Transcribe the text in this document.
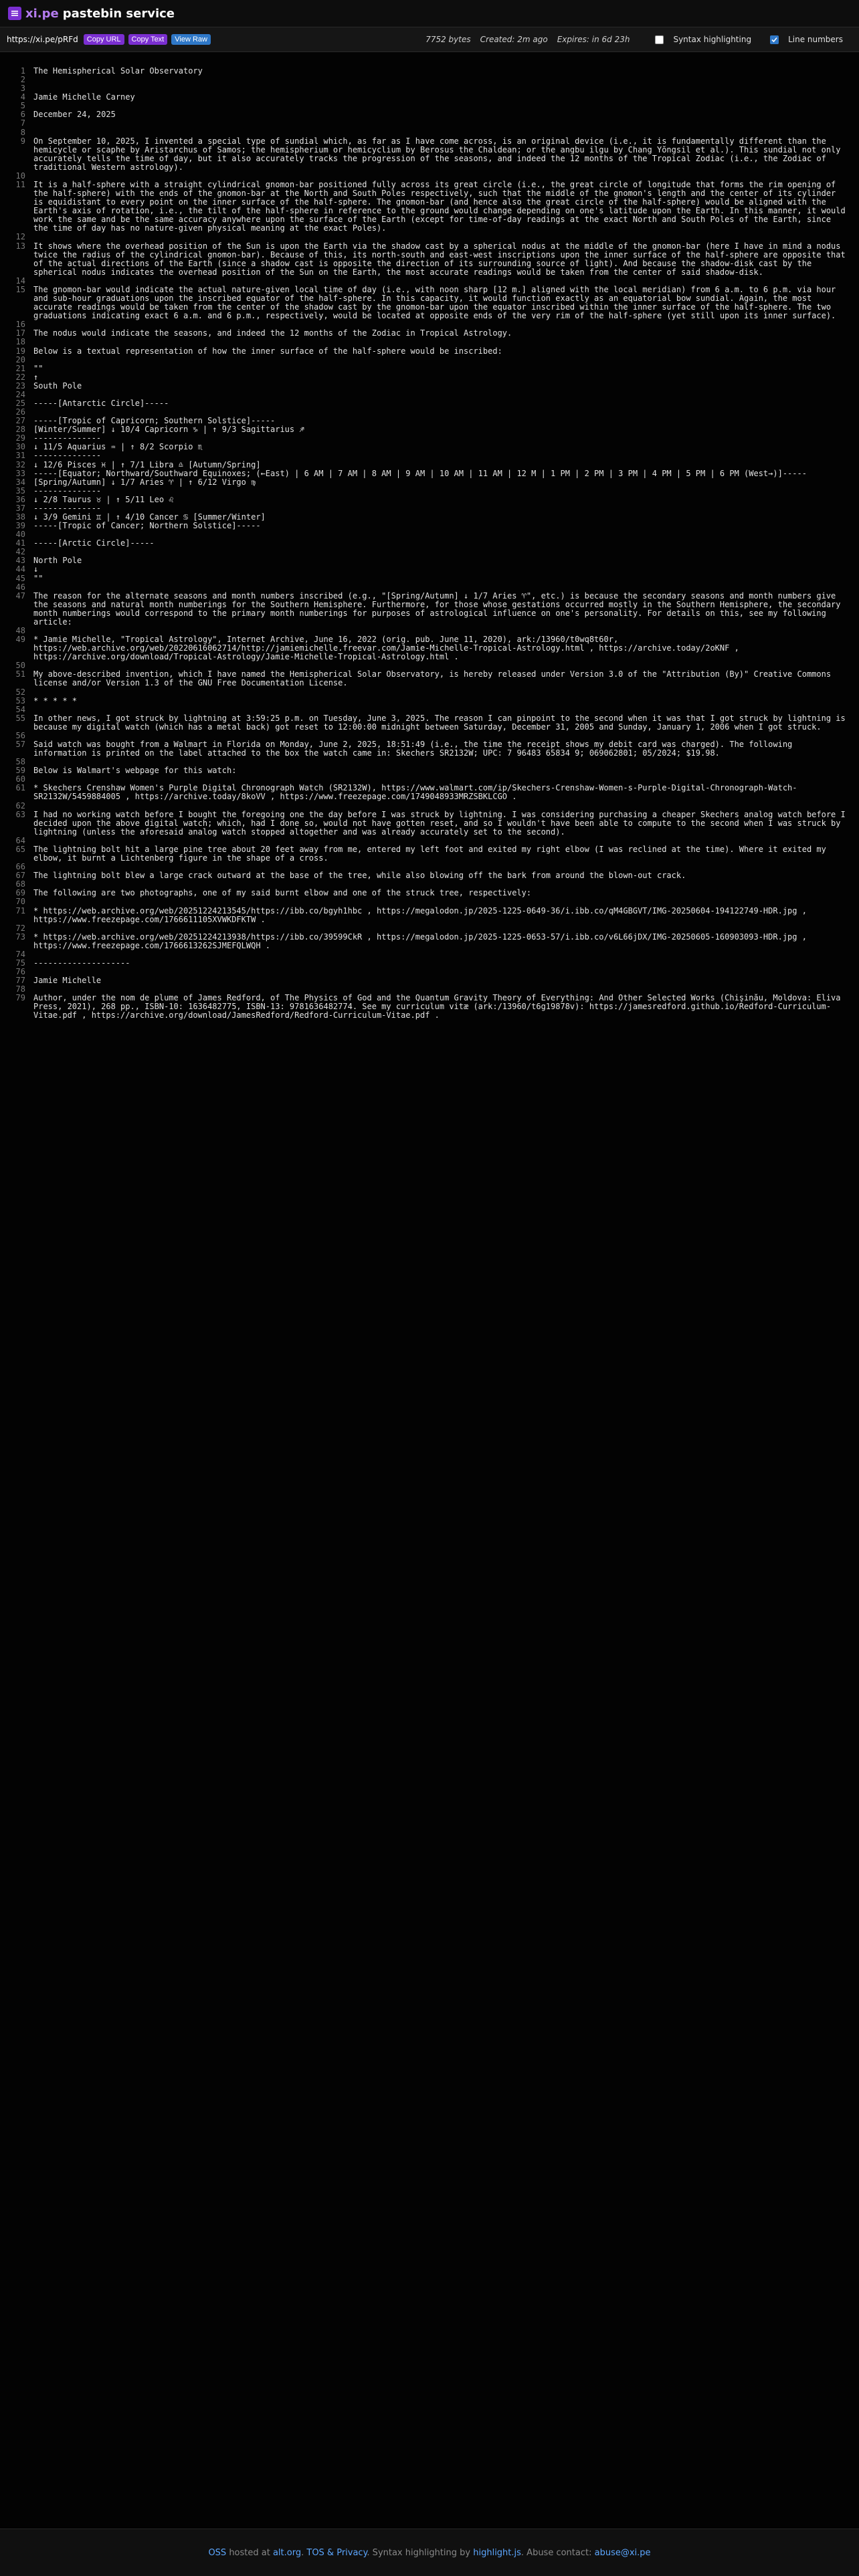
xi.pe pastebin service
https://xi.pe/pRFd	Copy URL	Copy Text	View Raw	7752 bytes Created: 2m ago Expires: in 6d 23h	Syntax highlighting	Line numbers
1	The Hemispherical Solar Observatory
2
3
4	Jamie Michelle Carney
5
6	December 24, 2025
7
8
9	On September 10, 2025, I invented a special type of sundial which, as far as I have come across, is an original device (i.e., it is fundamentally different than the hemicycle or scaphe by Aristarchus of Samos; the hemispherium or hemicyclium by Berosus the Chaldean; or the angbu ilgu by Chang Yŏngsil et al.). This sundial not only accurately tells the time of day, but it also accurately tracks the progression of the seasons, and indeed the 12 months of the Tropical Zodiac (i.e., the Zodiac of traditional Western astrology).
10
11	It is a half-sphere with a straight cylindrical gnomon-bar positioned fully across its great circle (i.e., the great circle of longitude that forms the rim opening of the half-sphere) with the ends of the gnomon-bar at the North and South Poles respectively, such that the middle of the gnomon's length and the center of its cylinder is equidistant to every point on the inner surface of the half-sphere. The gnomon-bar (and hence also the great circle of the half-sphere) would be aligned with the Earth's axis of rotation, i.e., the tilt of the half-sphere in reference to the ground would change depending on one's latitude upon the Earth. In this manner, it would work the same and be the same accuracy anywhere upon the surface of the Earth (except for time-of-day readings at the exact North and South Poles of the Earth, since the time of day has no nature-given physical meaning at the exact Poles).
12
13	It shows where the overhead position of the Sun is upon the Earth via the shadow cast by a spherical nodus at the middle of the gnomon-bar (here I have in mind a nodus twice the radius of the cylindrical gnomon-bar). Because of this, its north-south and east-west inscriptions upon the inner surface of the half-sphere are opposite that of the actual directions of the Earth (since a shadow cast is opposite the direction of its surrounding source of light). And because the shadow-disk cast by the spherical nodus indicates the overhead position of the Sun on the Earth, the most accurate readings would be taken from the center of said shadow-disk.
14
15	The gnomon-bar would indicate the actual nature-given local time of day (i.e., with noon sharp [12 m.] aligned with the local meridian) from 6 a.m. to 6 p.m. via hour and sub-hour graduations upon the inscribed equator of the half-sphere. In this capacity, it would function exactly as an equatorial bow sundial. Again, the most accurate readings would be taken from the center of the shadow cast by the gnomon-bar upon the equator inscribed within the inner surface of the half-sphere. The two graduations indicating exact 6 a.m. and 6 p.m., respectively, would be located at opposite ends of the very rim of the half-sphere (yet still upon its inner surface).
16
17	The nodus would indicate the seasons, and indeed the 12 months of the Zodiac in Tropical Astrology.
18
19	Below is a textual representation of how the inner surface of the half-sphere would be inscribed:
20
21	""
22	↑
23	South Pole
24
25	-----[Antarctic Circle]-----
26
27	-----[Tropic of Capricorn; Southern Solstice]-----
28	[Winter/Summer] ↓ 10/4 Capricorn ♑ | ↑ 9/3 Sagittarius ♐
29	--------------
30	↓ 11/5 Aquarius ♒ | ↑ 8/2 Scorpio ♏
31	--------------
32	↓ 12/6 Pisces ♓ | ↑ 7/1 Libra ♎ [Autumn/Spring]
33	-----[Equator; Northward/Southward Equinoxes; (←East) | 6 AM | 7 AM | 8 AM | 9 AM | 10 AM | 11 AM | 12 M | 1 PM | 2 PM | 3 PM | 4 PM | 5 PM | 6 PM (West→)]-----
34	[Spring/Autumn] ↓ 1/7 Aries ♈ | ↑ 6/12 Virgo ♍
35	--------------
36	↓ 2/8 Taurus ♉ | ↑ 5/11 Leo ♌
37	--------------
38	↓ 3/9 Gemini ♊ | ↑ 4/10 Cancer ♋ [Summer/Winter]
39	-----[Tropic of Cancer; Northern Solstice]-----
40
41	-----[Arctic Circle]-----
42
43	North Pole
44	↓
45	""
46
47	The reason for the alternate seasons and month numbers inscribed (e.g., "[Spring/Autumn] ↓ 1/7 Aries ♈", etc.) is because the secondary seasons and month numbers give the seasons and natural month numberings for the Southern Hemisphere. Furthermore, for those whose gestations occurred mostly in the Southern Hemisphere, the secondary month numberings would correspond to the primary month numberings for purposes of astrological influence on one's personality. For details on this, see my following article:
48
49	* Jamie Michelle, "Tropical Astrology", Internet Archive, June 16, 2022 (orig. pub. June 11, 2020), ark:/13960/t0wq8t60r, https://web.archive.org/web/20220616062714/http://jamiemichelle.freevar.com/Jamie-Michelle-Tropical-Astrology.html , https://archive.today/2oKNF , https://archive.org/download/Tropical-Astrology/Jamie-Michelle-Tropical-Astrology.html .
50
51	My above-described invention, which I have named the Hemispherical Solar Observatory, is hereby released under Version 3.0 of the "Attribution (By)" Creative Commons license and/or Version 1.3 of the GNU Free Documentation License.
52
53	* * * * *
54
55	In other news, I got struck by lightning at 3:59:25 p.m. on Tuesday, June 3, 2025. The reason I can pinpoint to the second when it was that I got struck by lightning is because my digital watch (which has a metal back) got reset to 12:00:00 midnight between Saturday, December 31, 2005 and Sunday, January 1, 2006 when I got struck.
56
57	Said watch was bought from a Walmart in Florida on Monday, June 2, 2025, 18:51:49 (i.e., the time the receipt shows my debit card was charged). The following information is printed on the label attached to the box the watch came in: Skechers SR2132W; UPC: 7 96483 65834 9; 069062801; 05/2024; $19.98.
58
59	Below is Walmart's webpage for this watch:
60
61	* Skechers Crenshaw Women's Purple Digital Chronograph Watch (SR2132W), https://www.walmart.com/ip/Skechers-Crenshaw-Women-s-Purple-Digital-Chronograph-Watch-SR2132W/5459884005 , https://archive.today/8koVV , https://www.freezepage.com/1749048933MRZSBKLCGO .
62
63	I had no working watch before I bought the foregoing one the day before I was struck by lightning. I was considering purchasing a cheaper Skechers analog watch before I decided upon the above digital watch; which, had I done so, would not have gotten reset, and so I wouldn't have been able to compute to the second when I was struck by lightning (unless the aforesaid analog watch stopped altogether and was already accurately set to the second).
64
65	The lightning bolt hit a large pine tree about 20 feet away from me, entered my left foot and exited my right elbow (I was reclined at the time). Where it exited my elbow, it burnt a Lichtenberg figure in the shape of a cross.
66
67	The lightning bolt blew a large crack outward at the base of the tree, while also blowing off the bark from around the blown-out crack.
68
69	The following are two photographs, one of my said burnt elbow and one of the struck tree, respectively:
70
71	* https://web.archive.org/web/20251224213545/https://ibb.co/bgyh1hbc , https://megalodon.jp/2025-1225-0649-36/i.ibb.co/qM4GBGVT/IMG-20250604-194122749-HDR.jpg , https://www.freezepage.com/1766611105XVWKDFKTW .
72
73	* https://web.archive.org/web/20251224213938/https://ibb.co/39599CkR , https://megalodon.jp/2025-1225-0653-57/i.ibb.co/v6L66jDX/IMG-20250605-160903093-HDR.jpg , https://www.freezepage.com/1766613262SJMEFQLWQH .
74
75	--------------------
76
77	Jamie Michelle
78
79	Author, under the nom de plume of James Redford, of The Physics of God and the Quantum Gravity Theory of Everything: And Other Selected Works (Chişinău, Moldova: Eliva Press, 2021), 268 pp., ISBN-10: 1636482775, ISBN-13: 9781636482774. See my curriculum vitæ (ark:/13960/t6g19878v): https://jamesredford.github.io/Redford-Curriculum-Vitae.pdf , https://archive.org/download/JamesRedford/Redford-Curriculum-Vitae.pdf .
OSS hosted at alt.org. TOS & Privacy. Syntax highlighting by highlight.js. Abuse contact: abuse@xi.pe
